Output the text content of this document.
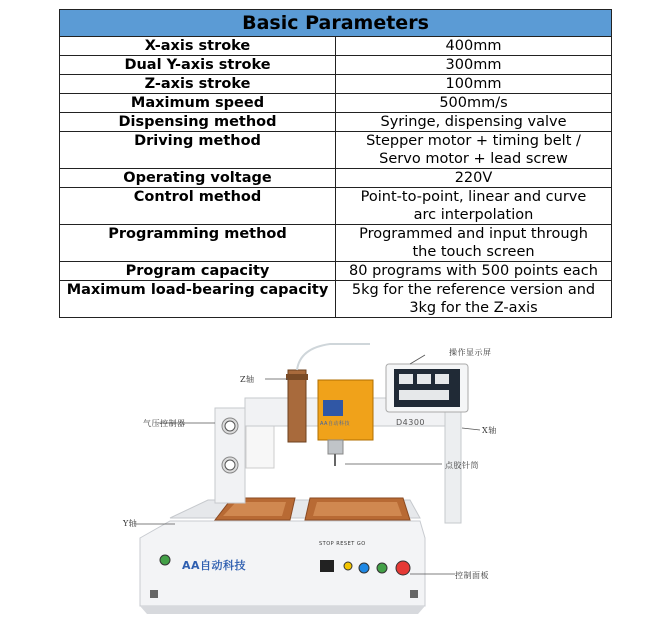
Basic Parameters	
X-axis stroke	400mm
Dual Y-axis stroke	300mm
Z-axis stroke	100mm
Maximum speed	500mm/s
Dispensing method	Syringe, dispensing valve
Driving method	Stepper motor + timing belt /
Servo motor + lead screw
Operating voltage	220V
Control method	Point-to-point, linear and curve
arc interpolation
Programming method	Programmed and input through
the touch screen
Program capacity	80 programs with 500 points each
Maximum load-bearing capacity	5kg for the reference version and
3kg for the Z-axis
操作显示屏
Z轴
X轴
气压控制器
点胶针筒
Y轴
控制面板
D4300
AA自动科技
AA自动科技
STOP RESET GO
